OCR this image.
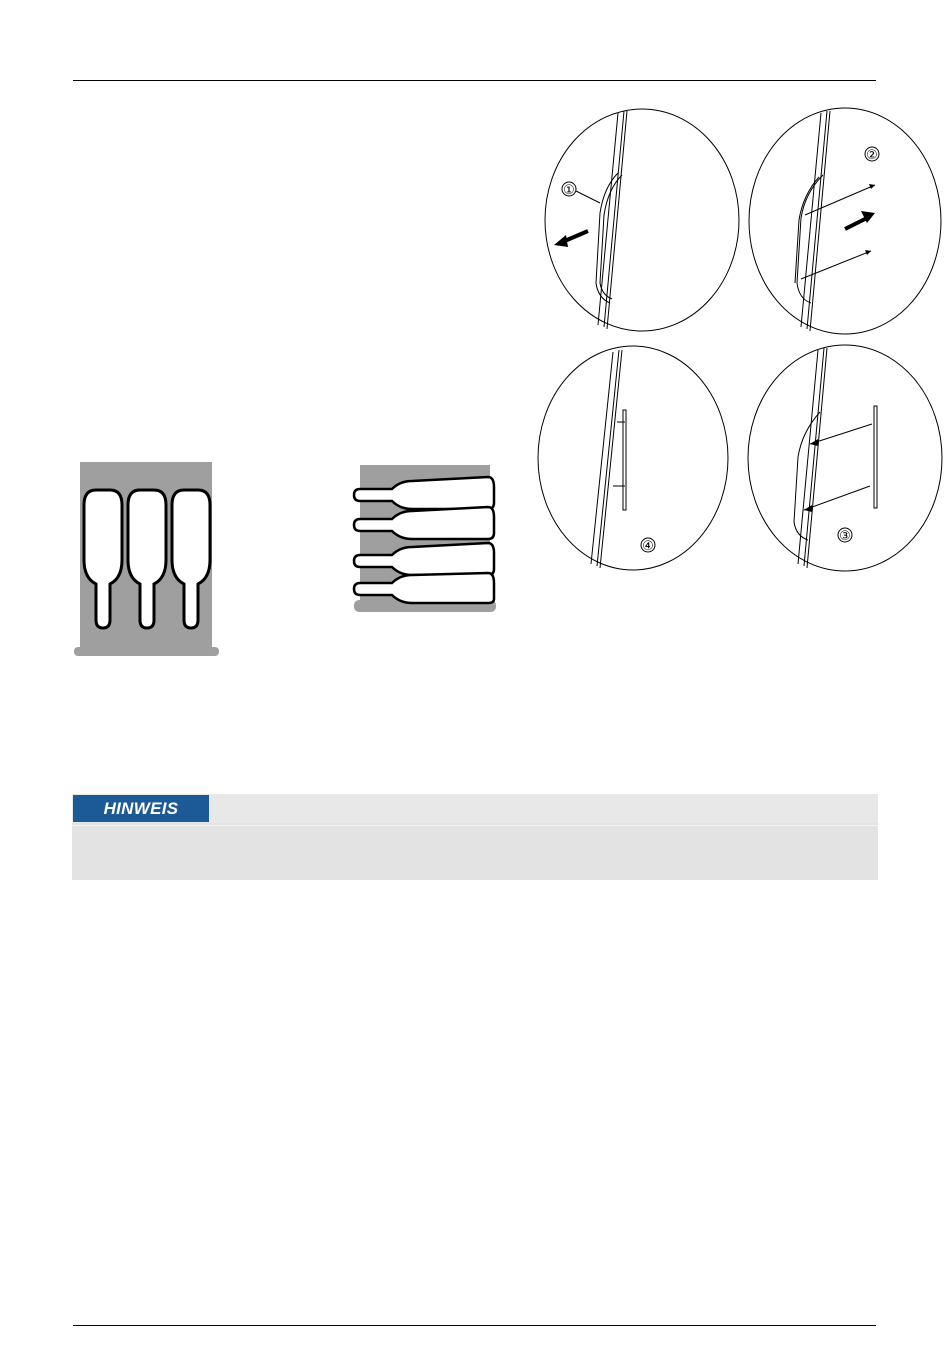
①
②
④
③
HINWEIS
